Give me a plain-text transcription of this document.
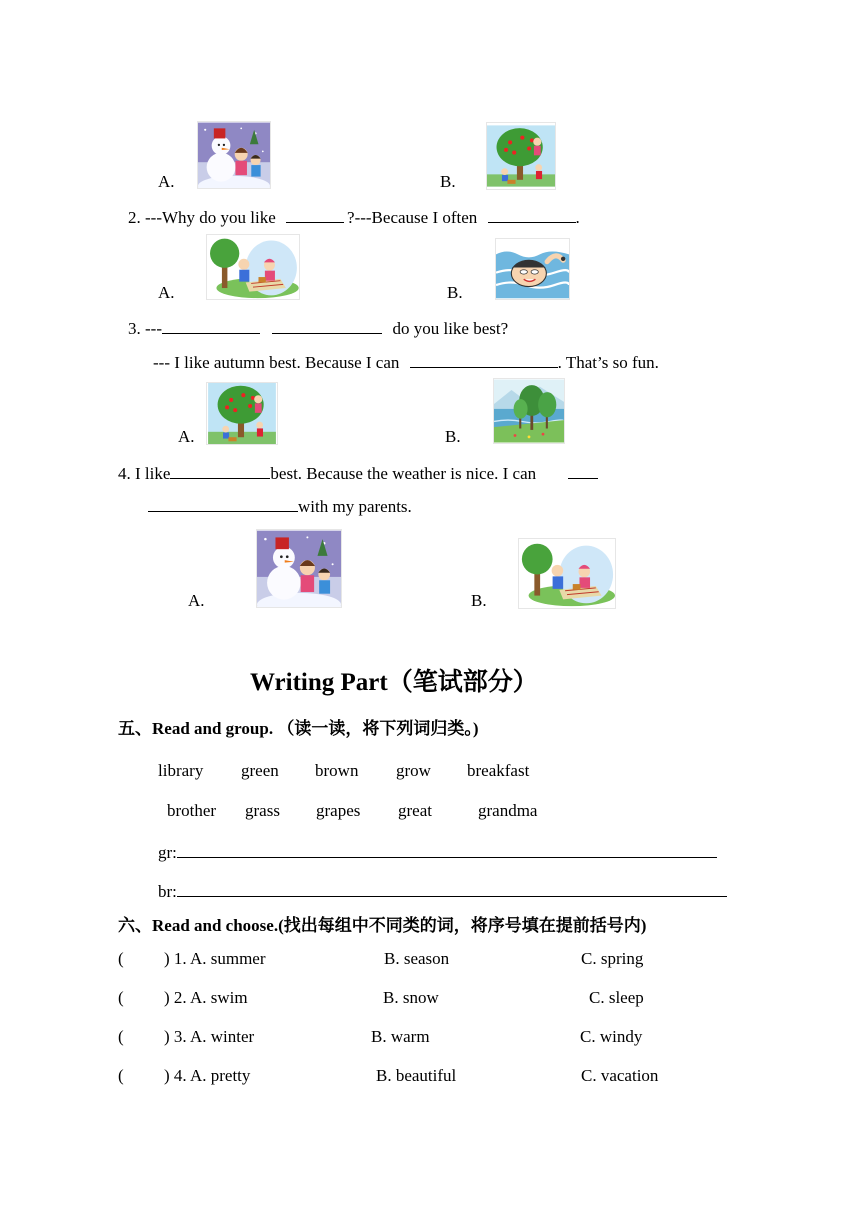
A.	B.
2. ---Why do you like	?---Because I often	.
A.	B.
3. ---	do you like best?
--- I like autumn best. Because I can	. That’s so fun.
A.	B.
4. I like	best. Because the weather is nice. I can
with my parents.
A.	B.
Writing Part（笔试部分）
五、Read and group. （读一读，将下列词归类。)
library green brown grow breakfast
brother grass grapes great	grandma
gr:
br:
六、Read and choose.(找出每组中不同类的词，将序号填在提前括号内)
( ) 1. A. summer	B. season	C. spring
( ) 2. A. swim	B. snow	C. sleep
( ) 3. A. winter	B. warm	C. windy
( ) 4. A. pretty	B. beautiful	C. vacation
